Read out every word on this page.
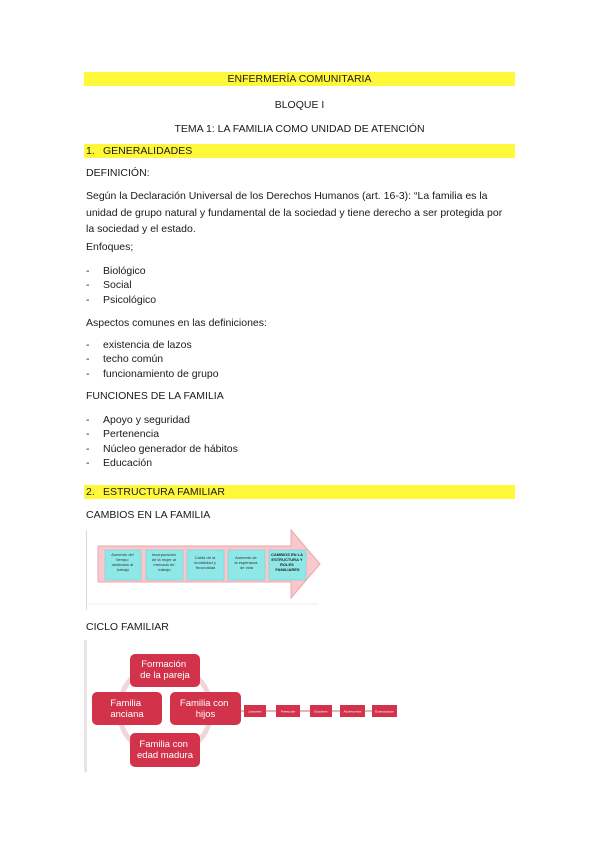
ENFERMERÍA COMUNITARIA
BLOQUE I
TEMA 1: LA FAMILIA COMO UNIDAD DE ATENCIÓN
1. GENERALIDADES
DEFINICIÓN:
Según la Declaración Universal de los Derechos Humanos (art. 16-3): “La familia es la
unidad de grupo natural y fundamental de la sociedad y tiene derecho a ser protegida por
la sociedad y el estado.
Enfoques;
- Biológico
- Social
- Psicológico
Aspectos comunes en las definiciones:
- existencia de lazos
- techo común
- funcionamiento de grupo
FUNCIONES DE LA FAMILIA
- Apoyo y seguridad
- Pertenencia
- Núcleo generador de hábitos
- Educación
2. ESTRUCTURA FAMILIAR
CAMBIOS EN LA FAMILIA
Aumento del tiempo destinado al trabajo
Incorporación de la mujer al mercado de trabajo
Caída de la mortalidad y fecundidad
Aumento de la esperanza de vida
CAMBIOS EN LA ESTRUCTURA Y ROLES FAMILIARES
CICLO FAMILIAR
Formación de la pareja
Familia anciana
Familia con hijos
Familia con edad madura
Lactantes	Preescolar	Escolares	Adolescentes	Emancipación
